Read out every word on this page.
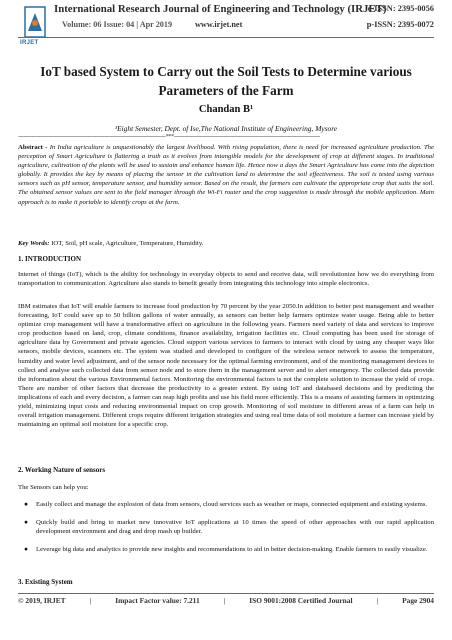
IRJET
International Research Journal of Engineering and Technology (IRJET)
e-ISSN: 2395-0056
Volume: 06 Issue: 04 | Apr 2019	www.irjet.net	p-ISSN: 2395-0072
IoT based System to Carry out the Soil Tests to Determine various Parameters of the Farm
Chandan B¹
¹Eight Semester, Dept. of Ise,The National Institute of Engineering, Mysore
---------------------------------------------------------------------------------------***--------------------------------------------------------------------------------------
Abstract - In India agriculture is unquestionably the largest livelihood. With rising population, there is need for increased agriculture production. The perception of Smart Agriculture is flattering a truth as it evolves from intangible models for the development of crop at different stages. In traditional agriculture, cultivation of the plants will be used to sustain and enhance human life. Hence now a days the Smart Agriculture has come into the depiction globally. It provides the key by means of placing the sensor in the cultivation land to determine the soil effectiveness. The soil is tested using various sensors such as pH sensor, temperature sensor, and humidity sensor. Based on the result, the farmers can cultivate the appropriate crop that suits the soil. The obtained sensor values are sent to the field manager through the Wi-Fi router and the crop suggestion is made through the mobile application. Main approach is to make it portable to identify crops at the farm.
Key Words: IOT, Soil, pH scale, Agriculture, Temperature, Humidity.
1. INTRODUCTION
Internet of things (IoT), which is the ability for technology in everyday objects to send and receive data, will revolutionize how we do everything from transportation to communication. Agriculture also stands to benefit greatly from integrating this technology into simple electronics.
IBM estimates that IoT will enable farmers to increase food production by 70 percent by the year 2050.In addition to better pest management and weather forecasting, IoT could save up to 50 billion gallons of water annually, as sensors can better help farmers optimize water usage. Being able to better optimize crop management will have a transformative effect on agriculture in the following years. Farmers need variety of data and services to improve crop production based on land, crop, climate conditions, finance availability, irrigation facilities etc. Cloud computing has been used for storage of agriculture data by Government and private agencies. Cloud support various services to farmers to interact with cloud by using any cheaper ways like sensors, mobile devices, scanners etc. The system was studied and developed to configure of the wireless sensor network to assess the temperature, humidity and water level adjustment, and of the sensor node necessary for the optimal farming environment, and of the monitoring management devices to collect and analyse such collected data from sensor node and to store them in the management server and to alert emergency. The collected data provide the information about the various Environmental factors. Monitoring the environmental factors is not the complete solution to increase the yield of crops. There are number of other factors that decrease the productivity to a greater extent. By using IoT and databased decisions and by predicting the implications of each and every decision, a farmer can reap high profits and use his field more efficiently. This is a means of assisting farmers in optimizing yield, minimizing input costs and reducing environmental impact on crop growth. Monitoring of soil moisture in different areas of a farm can help in overall irrigation management. Different crops require different irrigation strategies and using real time data of soil moisture a farmer can increase yield by maintaining an optimal soil moisture for a specific crop.
2. Working Nature of sensors
The Sensors can help you:
● Easily collect and manage the explosion of data from sensors, cloud services such as weather or maps, connected equipment and existing systems.
● Quickly build and bring to market new innovative IoT applications at 10 times the speed of other approaches with our rapid application development environment and drag and drop mash up builder.
● Leverage big data and analytics to provide new insights and recommendations to aid in better decision-making. Enable farmers to easily visualize.
3. Existing System
© 2019, IRJET	|	Impact Factor value: 7.211	|	ISO 9001:2008 Certified Journal	|	Page 2904
